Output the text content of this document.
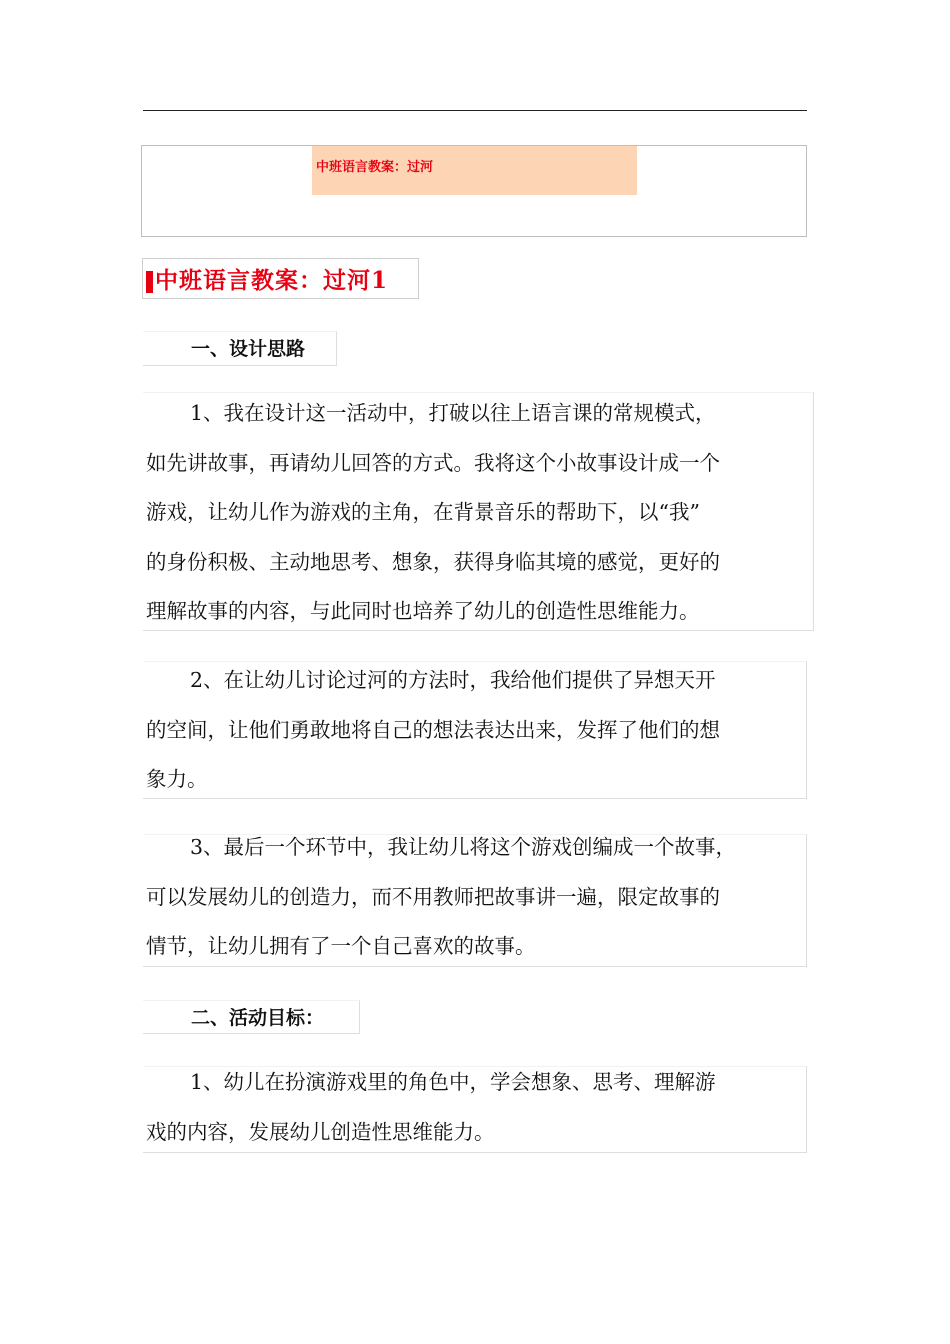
中班语言教案：过河
中班语言教案：过河1
一、设计思路
1、我在设计这一活动中，打破以往上语言课的常规模式，
如先讲故事，再请幼儿回答的方式。我将这个小故事设计成一个
游戏，让幼儿作为游戏的主角，在背景音乐的帮助下，以“我”
的身份积极、主动地思考、想象，获得身临其境的感觉，更好的
理解故事的内容，与此同时也培养了幼儿的创造性思维能力。
2、在让幼儿讨论过河的方法时，我给他们提供了异想天开
的空间，让他们勇敢地将自己的想法表达出来，发挥了他们的想
象力。
3、最后一个环节中，我让幼儿将这个游戏创编成一个故事，
可以发展幼儿的创造力，而不用教师把故事讲一遍，限定故事的
情节，让幼儿拥有了一个自己喜欢的故事。
二、活动目标：
1、幼儿在扮演游戏里的角色中，学会想象、思考、理解游
戏的内容，发展幼儿创造性思维能力。
